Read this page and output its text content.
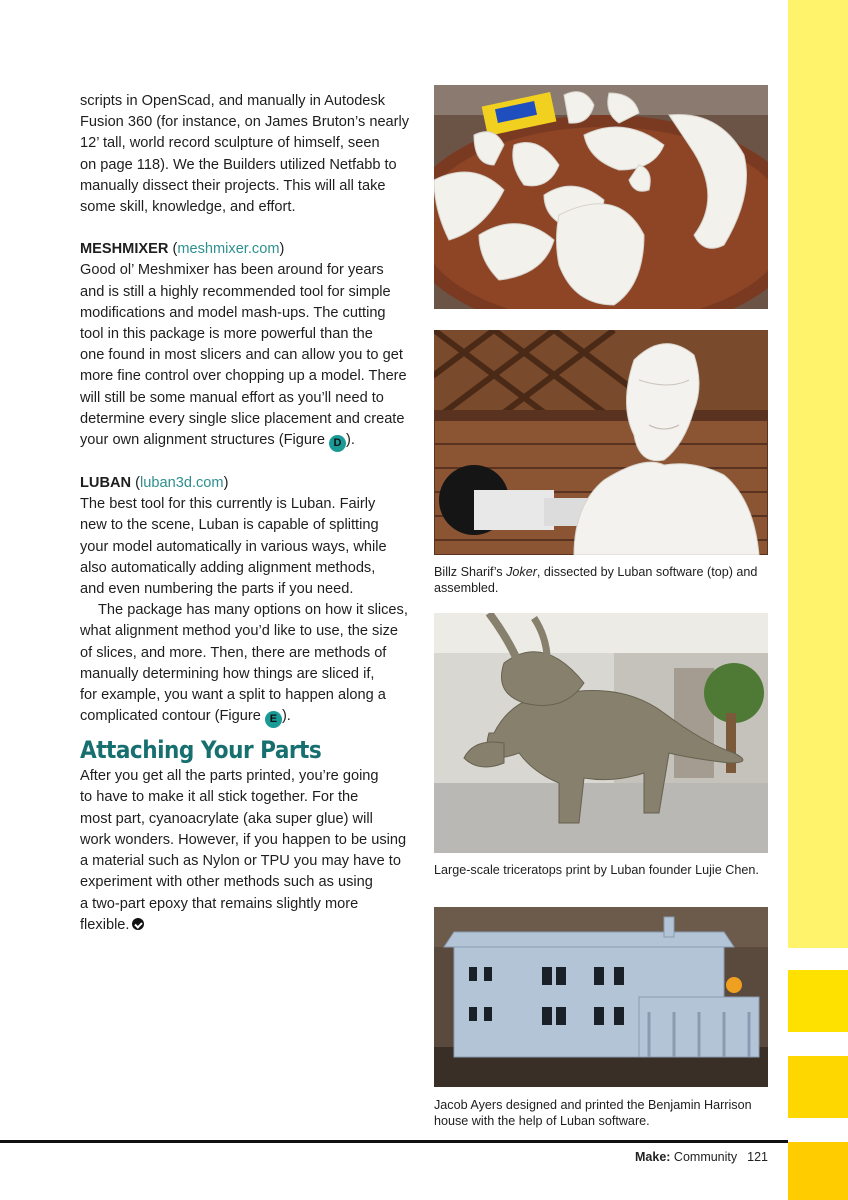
scripts in OpenScad, and manually in Autodesk

Fusion 360 (for instance, on James Bruton’s nearly

12’ tall, world record sculpture of himself, seen

on page 118). We the Builders utilized Netfabb to

manually dissect their projects. This will all take

some skill, knowledge, and effort.

MESHMIXER (meshmixer.com)

Good ol’ Meshmixer has been around for years

and is still a highly recommended tool for simple

modifications and model mash-ups. The cutting

tool in this package is more powerful than the

one found in most slicers and can allow you to get

more fine control over chopping up a model. There

will still be some manual effort as you’ll need to

determine every single slice placement and create

your own alignment structures (Figure D ).

LUBAN (luban3d.com)

The best tool for this currently is Luban. Fairly

new to the scene, Luban is capable of splitting

your model automatically in various ways, while

also automatically adding alignment methods,

and even numbering the parts if you need.

The package has many options on how it slices,

what alignment method you’d like to use, the size

of slices, and more. Then, there are methods of

manually determining how things are sliced if,

for example, you want a split to happen along a

complicated contour (Figure E ).

Attaching Your Parts

After you get all the parts printed, you’re going

to have to make it all stick together. For the

most part, cyanoacrylate (aka super glue) will

work wonders. However, if you happen to be using

a material such as Nylon or TPU you may have to

experiment with other methods such as using

a two-part epoxy that remains slightly more

flexible.

Billz Sharif’s Joker, dissected by Luban software (top) and assembled.
Large-scale triceratops print by Luban founder Lujie Chen.
Jacob Ayers designed and printed the Benjamin Harrison house with the help of Luban software.
Make: Community 121
